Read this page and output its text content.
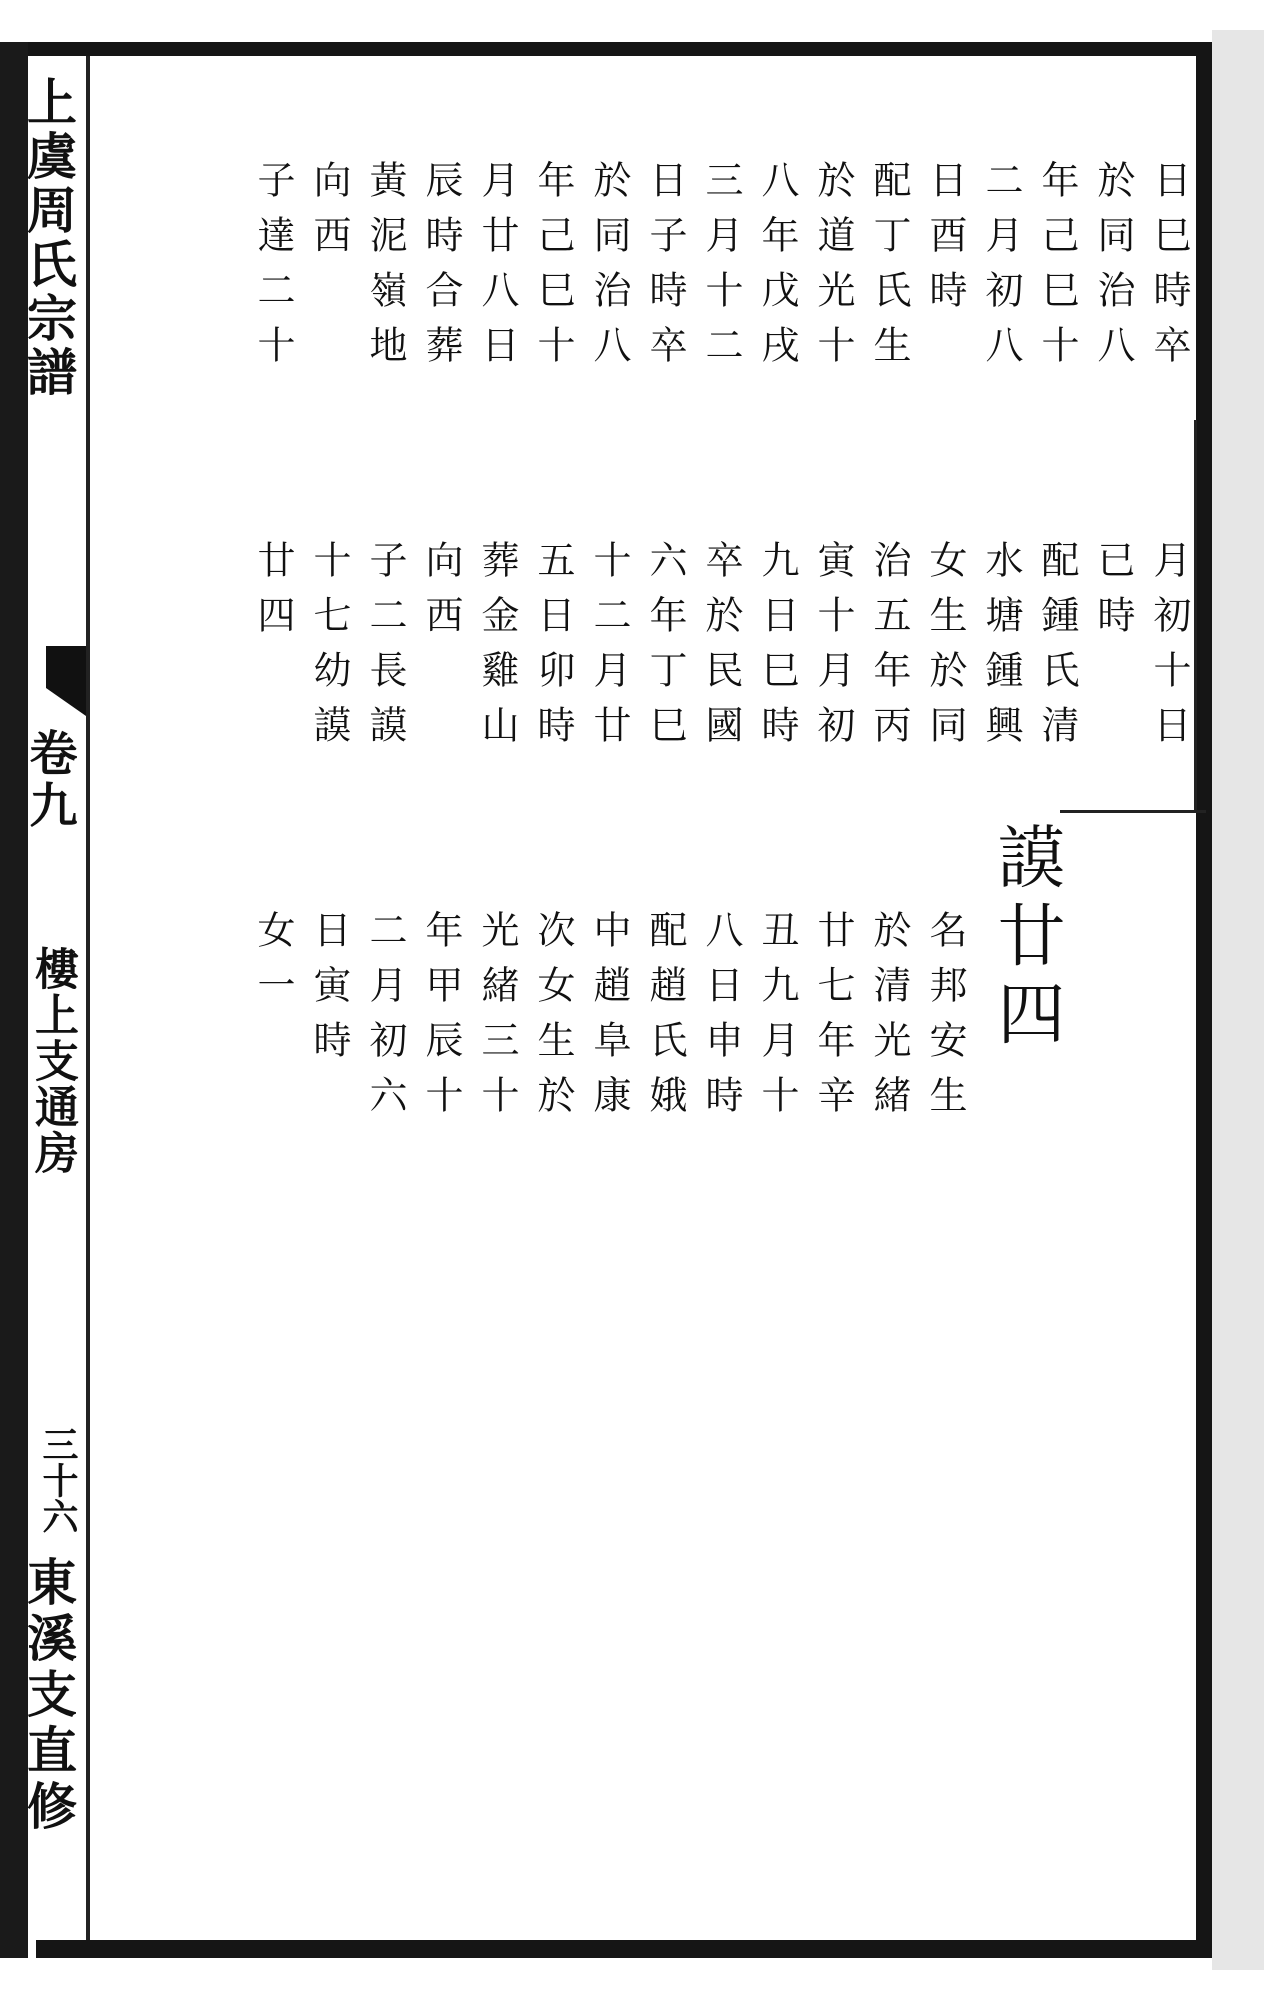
上虞周氏宗譜
卷九
樓上支通房
三十六
東溪支直修
日巳時卒
於同治八
年己巳十
二月初八
日酉時
配丁氏生
於道光十
八年戊戌
三月十二
日子時卒
於同治八
年己巳十
月廿八日
辰時合葬
黃泥嶺地
向西
子達二十
月初十日
已時
配鍾氏清
水塘鍾興
女生於同
治五年丙
寅十月初
九日巳時
卒於民國
六年丁巳
十二月廿
五日卯時
葬金雞山
向西
子二長謨
十七幼謨
廿四
謨廿四
名邦安生
於清光緒
廿七年辛
丑九月十
八日申時
配趙氏娥
中趙阜康
次女生於
光緒三十
年甲辰十
二月初六
日寅時
女一
